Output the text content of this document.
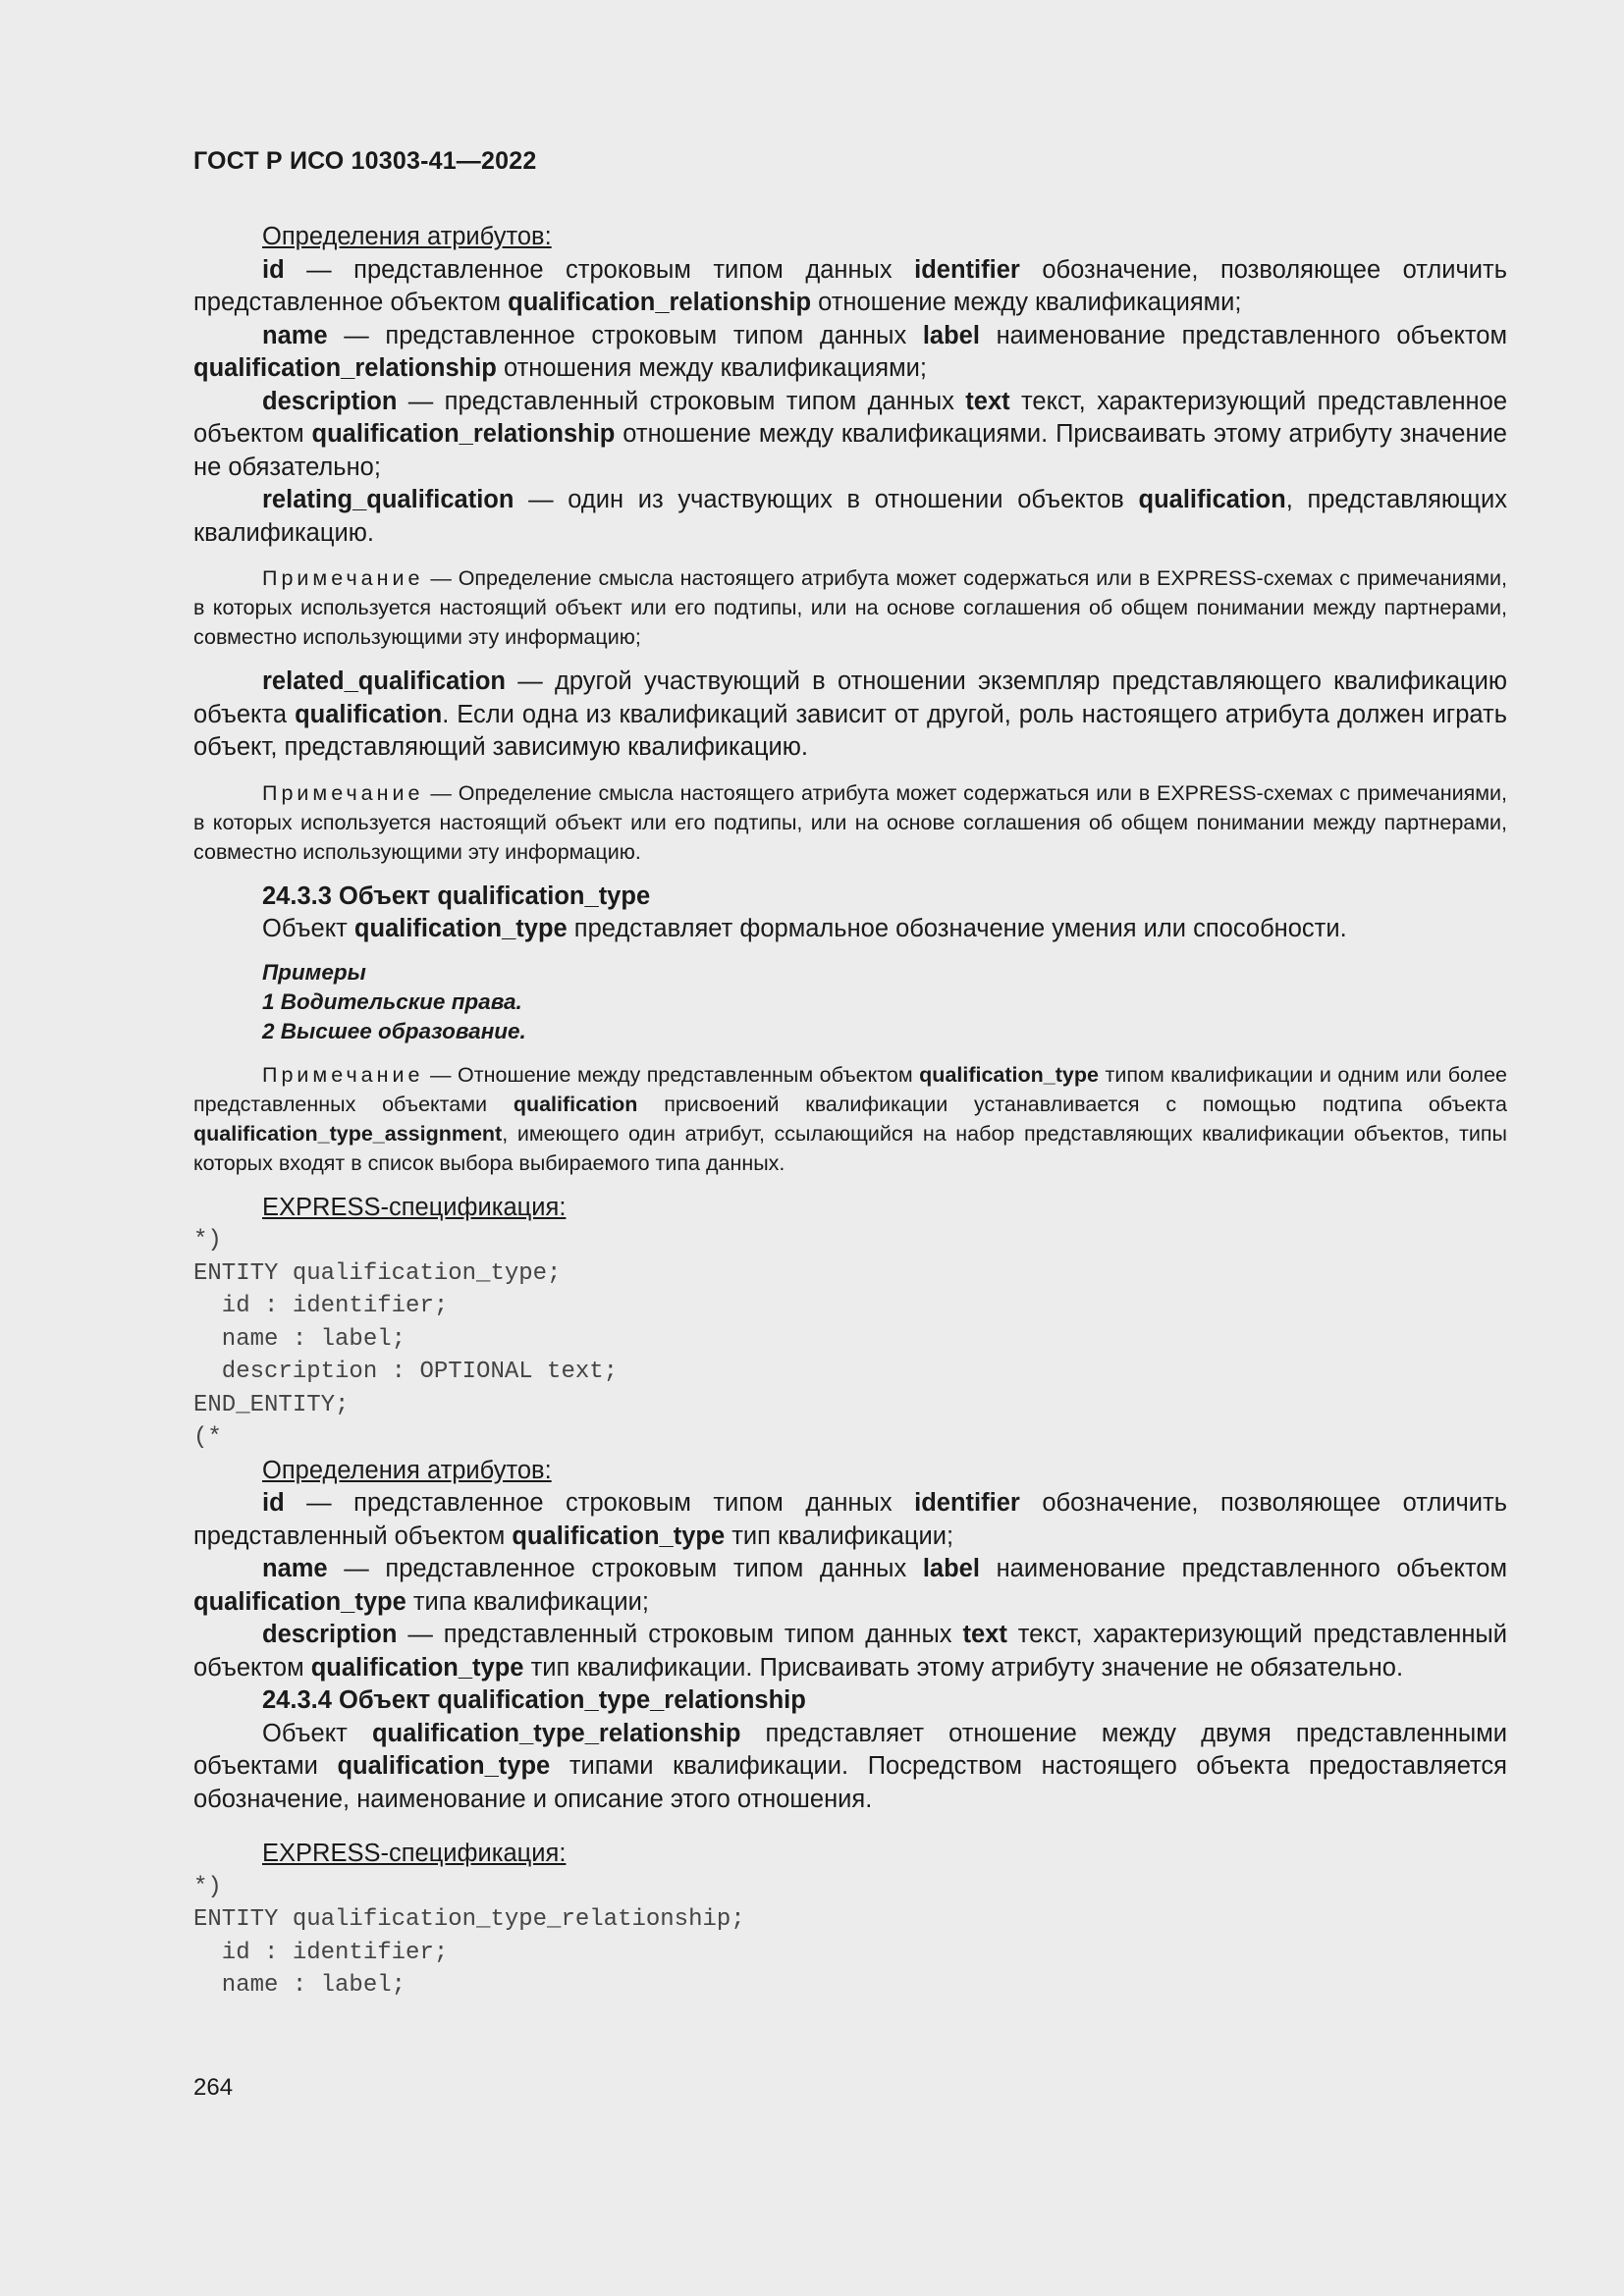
ГОСТ Р ИСО 10303-41—2022

Определения атрибутов:

id — представленное строковым типом данных identifier обозначение, позволяющее отличить представленное объектом qualification_relationship отношение между квалификациями;

name — представленное строковым типом данных label наименование представленного объектом qualification_relationship отношения между квалификациями;

description — представленный строковым типом данных text текст, характеризующий представленное объектом qualification_relationship отношение между квалификациями. Присваивать этому атрибуту значение не обязательно;

relating_qualification — один из участвующих в отношении объектов qualification, представляющих квалификацию.

Примечание — Определение смысла настоящего атрибута может содержаться или в EXPRESS-схемах с примечаниями, в которых используется настоящий объект или его подтипы, или на основе соглашения об общем понимании между партнерами, совместно использующими эту информацию;

related_qualification — другой участвующий в отношении экземпляр представляющего квалификацию объекта qualification. Если одна из квалификаций зависит от другой, роль настоящего атрибута должен играть объект, представляющий зависимую квалификацию.

Примечание — Определение смысла настоящего атрибута может содержаться или в EXPRESS-схемах с примечаниями, в которых используется настоящий объект или его подтипы, или на основе соглашения об общем понимании между партнерами, совместно использующими эту информацию.

24.3.3 Объект qualification_type

Объект qualification_type представляет формальное обозначение умения или способности.

Примеры
1 Водительские права.
2 Высшее образование.

Примечание — Отношение между представленным объектом qualification_type типом квалификации и одним или более представленных объектами qualification присвоений квалификации устанавливается с помощью подтипа объекта qualification_type_assignment, имеющего один атрибут, ссылающийся на набор представляющих квалификации объектов, типы которых входят в список выбора выбираемого типа данных.

EXPRESS-спецификация:

*)
ENTITY qualification_type;
id : identifier;
name : label;
description : OPTIONAL text;
END_ENTITY;
(*

Определения атрибутов:

id — представленное строковым типом данных identifier обозначение, позволяющее отличить представленный объектом qualification_type тип квалификации;

name — представленное строковым типом данных label наименование представленного объектом qualification_type типа квалификации;

description — представленный строковым типом данных text текст, характеризующий представленный объектом qualification_type тип квалификации. Присваивать этому атрибуту значение не обязательно.

24.3.4 Объект qualification_type_relationship

Объект qualification_type_relationship представляет отношение между двумя представленными объектами qualification_type типами квалификации. Посредством настоящего объекта предоставляется обозначение, наименование и описание этого отношения.

EXPRESS-спецификация:

*)
ENTITY qualification_type_relationship;
id : identifier;
name : label;
264
